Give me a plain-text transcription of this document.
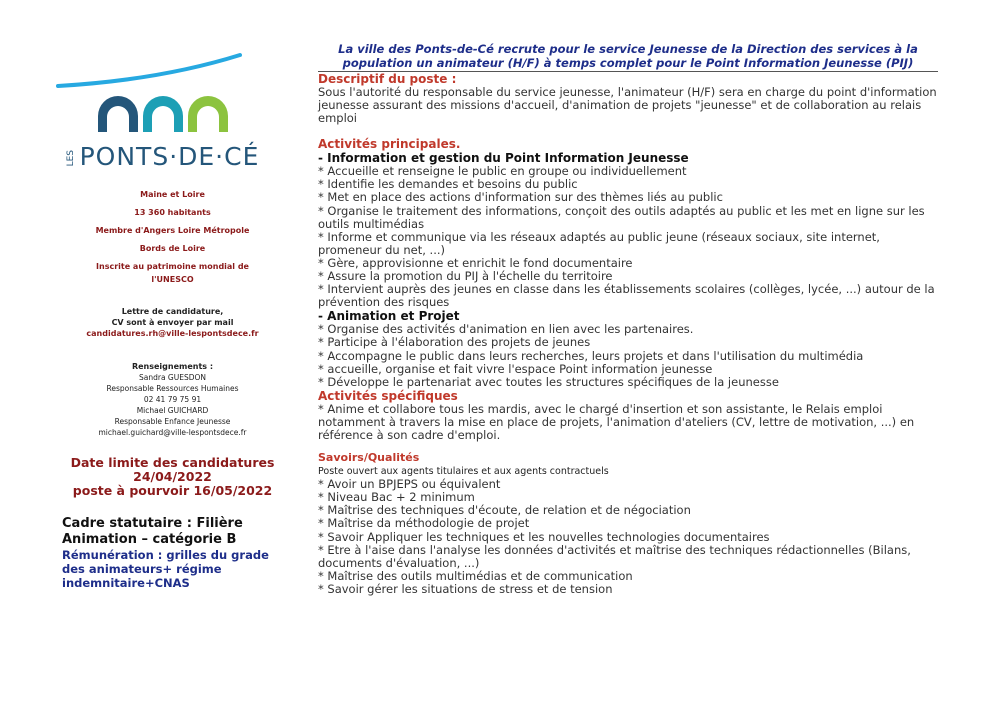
LES PONTS·DE·CÉ
Maine et Loire
13 360 habitants
Membre d'Angers Loire Métropole
Bords de Loire
Inscrite au patrimoine mondial de l'UNESCO
Lettre de candidature,
CV sont à envoyer par mail
candidatures.rh@ville-lespontsdece.fr
Renseignements :
Sandra GUESDON
Responsable Ressources Humaines
02 41 79 75 91
Michael GUICHARD
Responsable Enfance Jeunesse
michael.guichard@ville-lespontsdece.fr
Date limite des candidatures
24/04/2022
poste à pourvoir 16/05/2022
Cadre statutaire : Filière Animation – catégorie B
Rémunération : grilles du grade des animateurs+ régime indemnitaire+CNAS
La ville des Ponts-de-Cé recrute pour le service Jeunesse de la Direction des services à la population un animateur (H/F) à temps complet pour le Point Information Jeunesse (PIJ)
Descriptif du poste :

Sous l'autorité du responsable du service jeunesse, l'animateur (H/F) sera en charge du point d'information jeunesse assurant des missions d'accueil, d'animation de projets "jeunesse" et de collaboration au relais emploi

Activités principales.
- Information et gestion du Point Information Jeunesse
* Accueille et renseigne le public en groupe ou individuellement
* Identifie les demandes et besoins du public
* Met en place des actions d'information sur des thèmes liés au public
* Organise le traitement des informations, conçoit des outils adaptés au public et les met en ligne sur les outils multimédias
* Informe et communique via les réseaux adaptés au public jeune (réseaux sociaux, site internet, promeneur du net, ...)
* Gère, approvisionne et enrichit le fond documentaire
* Assure la promotion du PIJ à l'échelle du territoire
* Intervient auprès des jeunes en classe dans les établissements scolaires (collèges, lycée, ...) autour de la prévention des risques
- Animation et Projet
* Organise des activités d'animation en lien avec les partenaires.
* Participe à l'élaboration des projets de jeunes
* Accompagne le public dans leurs recherches, leurs projets et dans l'utilisation du multimédia
* accueille, organise et fait vivre l'espace Point information jeunesse
* Développe le partenariat avec toutes les structures spécifiques de la jeunesse
Activités spécifiques

* Anime et collabore tous les mardis, avec le chargé d'insertion et son assistante, le Relais emploi notamment à travers la mise en place de projets, l'animation d'ateliers (CV, lettre de motivation, ...) en référence à son cadre d'emploi.

Savoirs/Qualités
Poste ouvert aux agents titulaires et aux agents contractuels
* Avoir un BPJEPS ou équivalent
* Niveau Bac + 2 minimum
* Maîtrise des techniques d'écoute, de relation et de négociation
* Maîtrise da méthodologie de projet
* Savoir Appliquer les techniques et les nouvelles technologies documentaires
* Etre à l'aise dans l'analyse les données d'activités et maîtrise des techniques rédactionnelles (Bilans, documents d'évaluation, ...)
* Maîtrise des outils multimédias et de communication
* Savoir gérer les situations de stress et de tension
